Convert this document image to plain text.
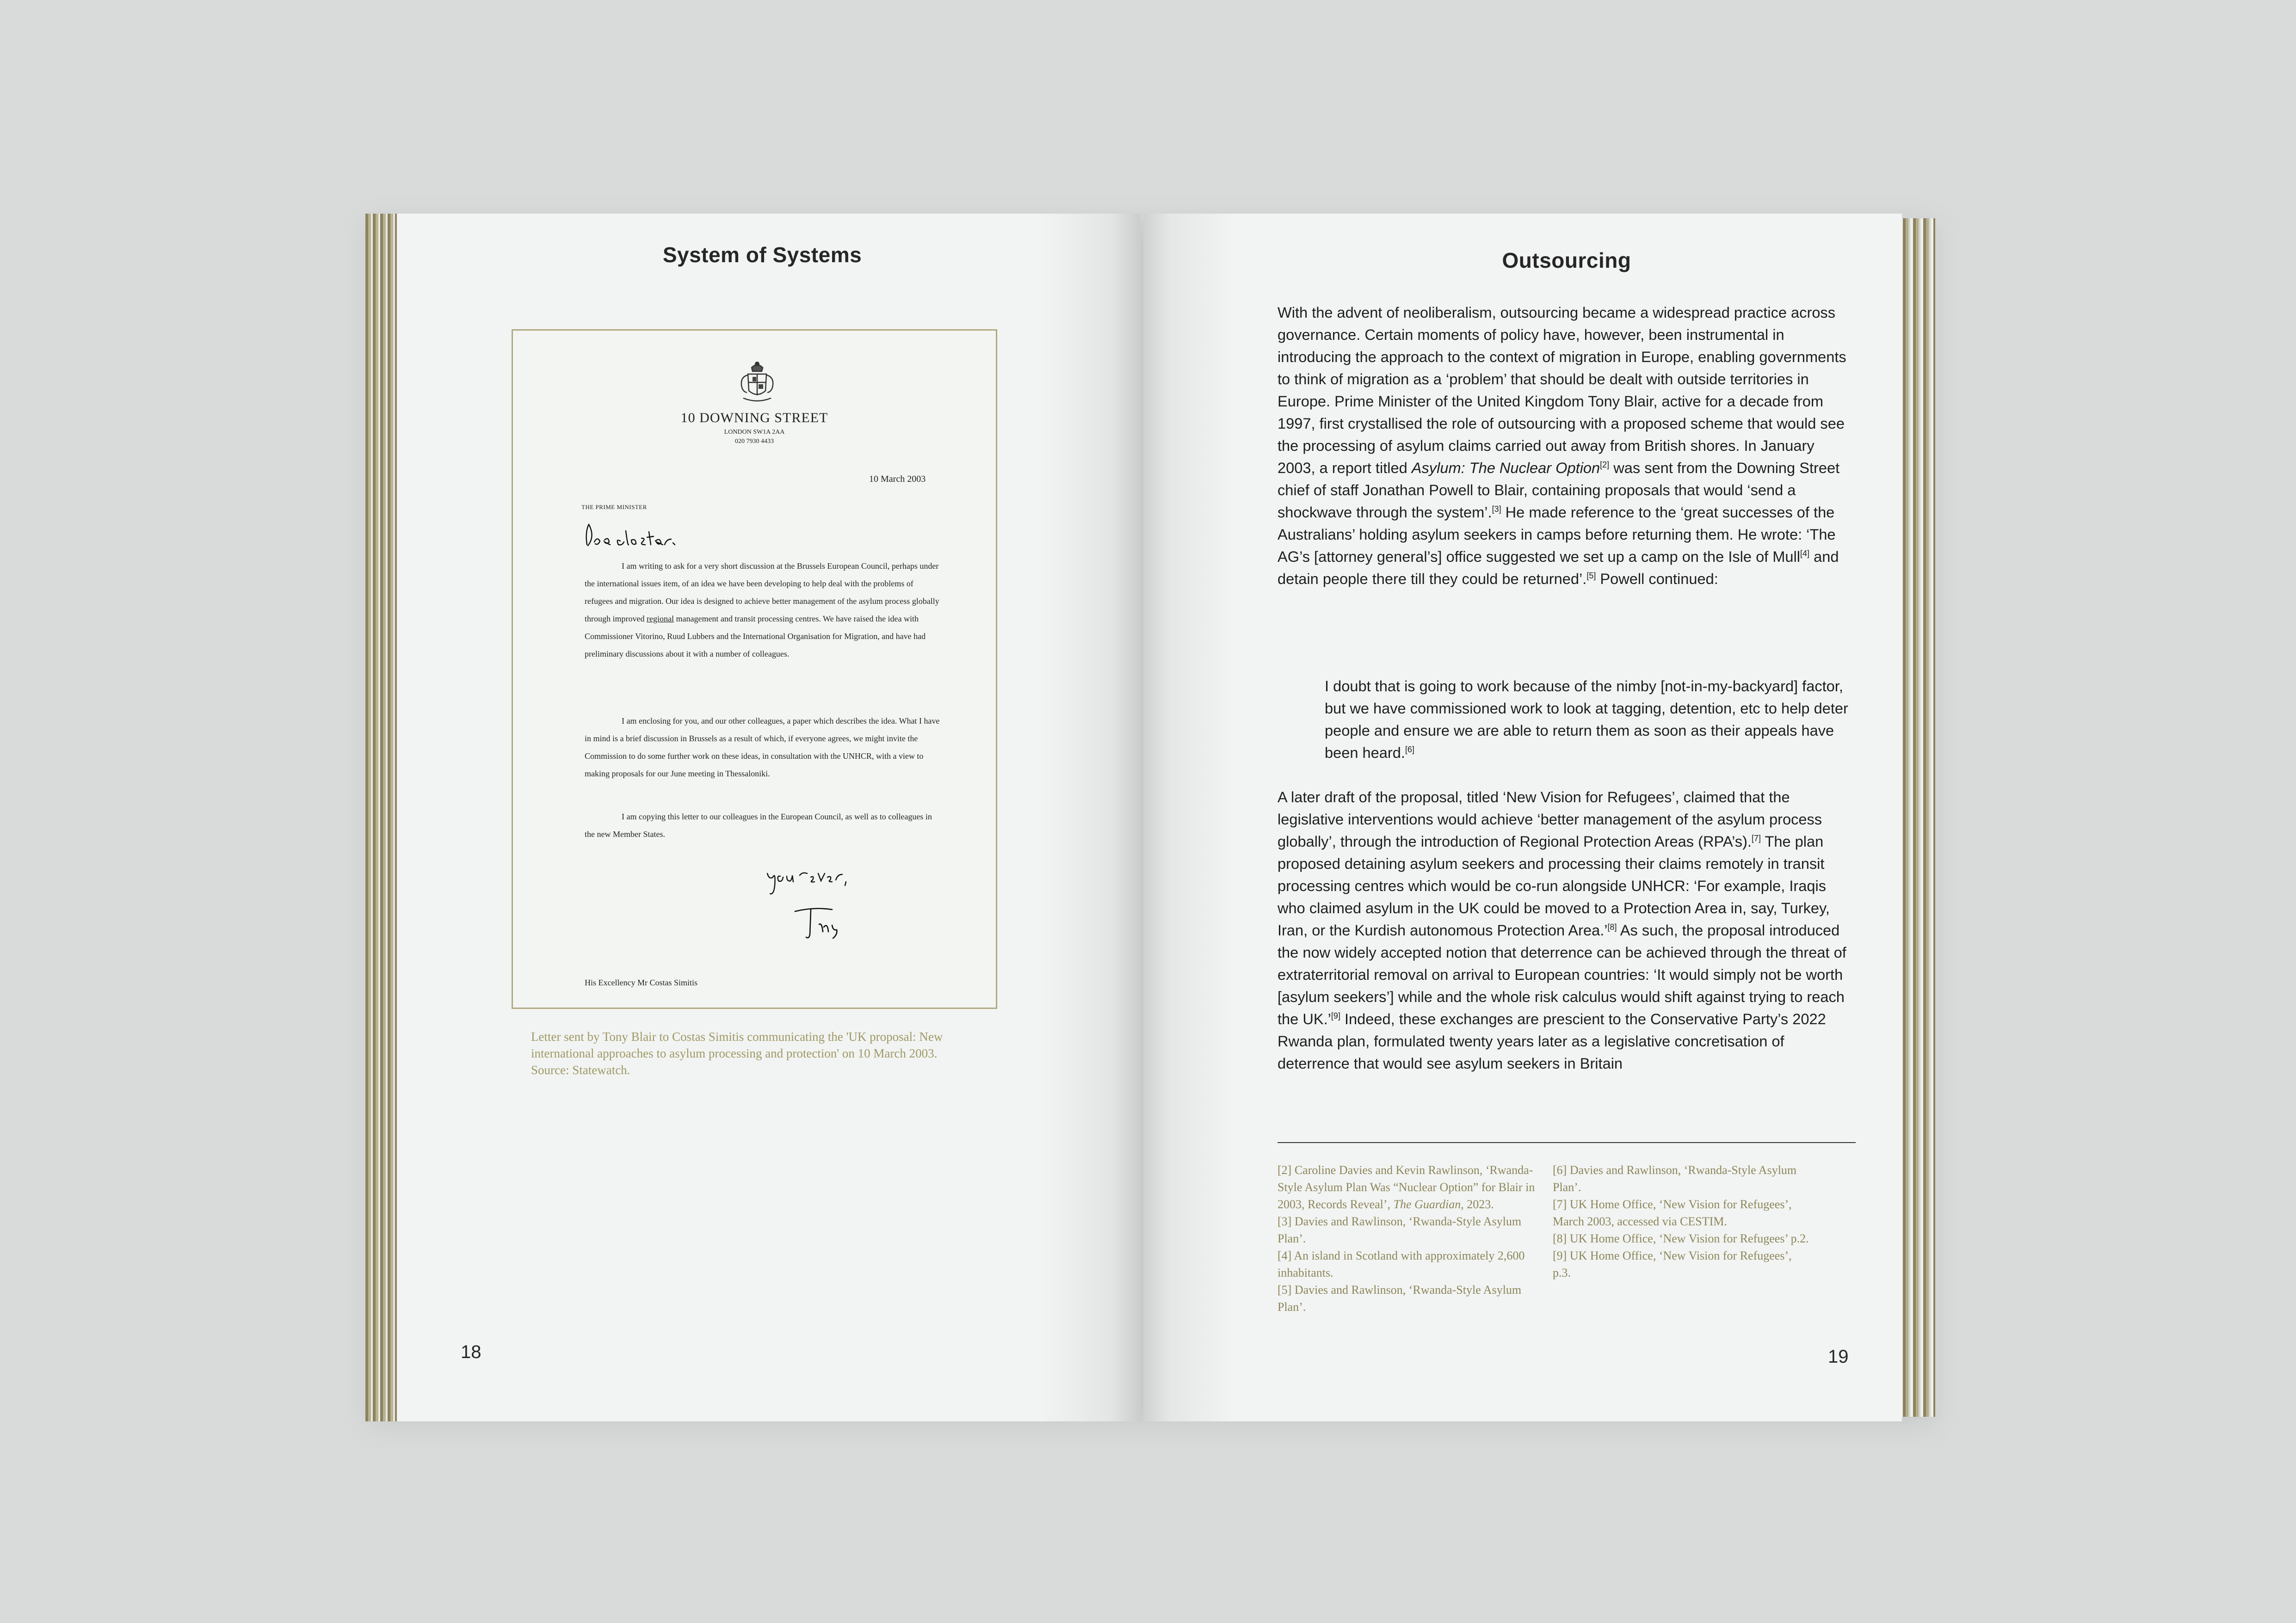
System of Systems
10 DOWNING STREET
LONDON SW1A 2AA
020 7930 4433
10 March 2003
THE PRIME MINISTER

I am writing to ask for a very short discussion at the Brussels European Council, perhaps under the international issues item, of an idea we have been developing to help deal with the problems of refugees and migration. Our idea is designed to achieve better management of the asylum process globally through improved regional management and transit processing centres. We have raised the idea with Commissioner Vitorino, Ruud Lubbers and the International Organisation for Migration, and have had preliminary discussions about it with a number of colleagues.

I am enclosing for you, and our other colleagues, a paper which describes the idea. What I have in mind is a brief discussion in Brussels as a result of which, if everyone agrees, we might invite the Commission to do some further work on these ideas, in consultation with the UNHCR, with a view to making proposals for our June meeting in Thessaloniki.

I am copying this letter to our colleagues in the European Council, as well as to colleagues in the new Member States.

His Excellency Mr Costas Simitis
Letter sent by Tony Blair to Costas Simitis communicating the 'UK proposal: New international approaches to asylum processing and protection' on 10 March 2003. Source: Statewatch.
18
Outsourcing

With the advent of neoliberalism, outsourcing became a widespread practice across governance. Certain moments of policy have, however, been instrumental in introducing the approach to the context of migration in Europe, enabling governments to think of migration as a ‘problem’ that should be dealt with outside territories in Europe. Prime Minister of the United Kingdom Tony Blair, active for a decade from 1997, first crystallised the role of outsourcing with a proposed scheme that would see the processing of asylum claims carried out away from British shores. In January 2003, a report titled Asylum: The Nuclear Option[2] was sent from the Downing Street chief of staff Jonathan Powell to Blair, containing proposals that would ‘send a shockwave through the system’.[3] He made reference to the ‘great successes of the Australians’ holding asylum seekers in camps before returning them. He wrote: ‘The AG’s [attorney general’s] office suggested we set up a camp on the Isle of Mull[4] and detain people there till they could be returned’.[5] Powell continued:

I doubt that is going to work because of the nimby [not-in-my-backyard] factor, but we have commissioned work to look at tagging, detention, etc to help deter people and ensure we are able to return them as soon as their appeals have been heard.[6]

A later draft of the proposal, titled ‘New Vision for Refugees’, claimed that the legislative interventions would achieve ‘better management of the asylum process globally’, through the introduction of Regional Protection Areas (RPA’s).[7] The plan proposed detaining asylum seekers and processing their claims remotely in transit processing centres which would be co-run alongside UNHCR: ‘For example, Iraqis who claimed asylum in the UK could be moved to a Protection Area in, say, Turkey, Iran, or the Kurdish autonomous Protection Area.’[8] As such, the proposal introduced the now widely accepted notion that deterrence can be achieved through the threat of extraterritorial removal on arrival to European countries: ‘It would simply not be worth [asylum seekers’] while and the whole risk calculus would shift against trying to reach the UK.’[9] Indeed, these exchanges are prescient to the Conservative Party’s 2022 Rwanda plan, formulated twenty years later as a legislative concretisation of deterrence that would see asylum seekers in Britain

[2] Caroline Davies and Kevin Rawlinson, ‘Rwanda-Style Asylum Plan Was “Nuclear Option” for Blair in 2003, Records Reveal’, The Guardian, 2023.
[3] Davies and Rawlinson, ‘Rwanda-Style Asylum Plan’.
[4] An island in Scotland with approximately 2,600 inhabitants.
[5] Davies and Rawlinson, ‘Rwanda-Style Asylum Plan’.
[6] Davies and Rawlinson, ‘Rwanda-Style Asylum Plan’.
[7] UK Home Office, ‘New Vision for Refugees’, March 2003, accessed via CESTIM.
[8] UK Home Office, ‘New Vision for Refugees’ p.2.
[9] UK Home Office, ‘New Vision for Refugees’, p.3.
19
